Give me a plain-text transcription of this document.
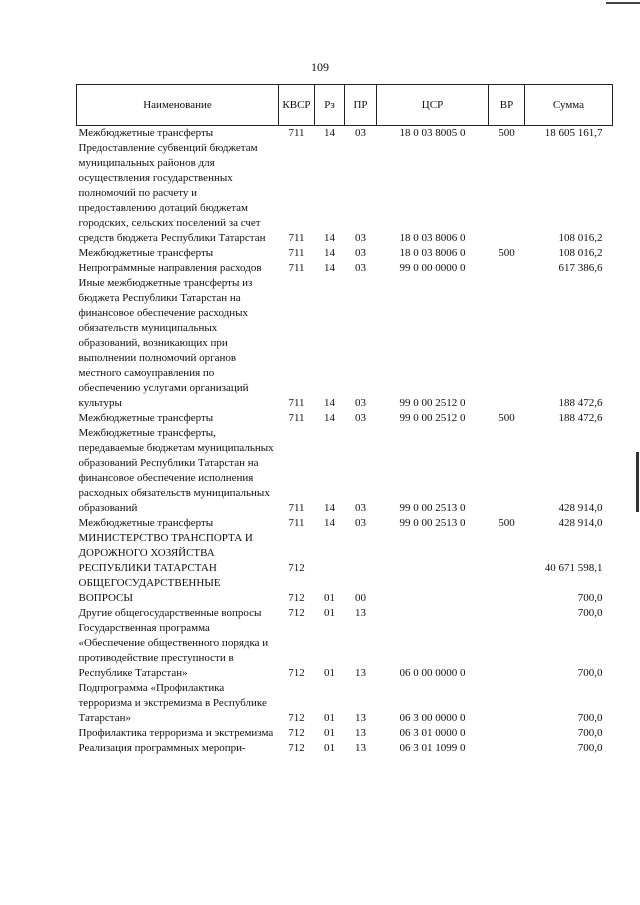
109
Наименование	КВСР	Рз	ПР	ЦСР	ВР	Сумма
Межбюджетные трансферты	711	14	03	18 0 03 8005 0	500	18 605 161,7
Предоставление субвенций бюджетам муниципальных районов для осуществления государственных полномочий по расчету и предоставлению дотаций бюджетам городских, сельских поселений за счет средств бюджета Республики Татарстан	711	14	03	18 0 03 8006 0		108 016,2
Межбюджетные трансферты	711	14	03	18 0 03 8006 0	500	108 016,2
Непрограммные направления расходов	711	14	03	99 0 00 0000 0		617 386,6
Иные межбюджетные трансферты из бюджета Республики Татарстан на финансовое обеспечение расходных обязательств муниципальных образований, возникающих при выполнении полномочий органов местного самоуправления по обеспечению услугами организаций культуры	711	14	03	99 0 00 2512 0		188 472,6
Межбюджетные трансферты	711	14	03	99 0 00 2512 0	500	188 472,6
Межбюджетные трансферты, передаваемые бюджетам муниципальных образований Республики Татарстан на финансовое обеспечение исполнения расходных обязательств муниципальных образований	711	14	03	99 0 00 2513 0		428 914,0
Межбюджетные трансферты	711	14	03	99 0 00 2513 0	500	428 914,0
МИНИСТЕРСТВО ТРАНСПОРТА И ДОРОЖНОГО ХОЗЯЙСТВА РЕСПУБЛИКИ ТАТАРСТАН	712					40 671 598,1
ОБЩЕГОСУДАРСТВЕННЫЕ ВОПРОСЫ	712	01	00			700,0
Другие общегосударственные вопросы	712	01	13			700,0
Государственная программа «Обеспечение общественного порядка и противодействие преступности в Республике Татарстан»	712	01	13	06 0 00 0000 0		700,0
Подпрограмма «Профилактика терроризма и экстремизма в Республике Татарстан»	712	01	13	06 3 00 0000 0		700,0
Профилактика терроризма и экстремизма	712	01	13	06 3 01 0000 0		700,0
Реализация программных меропри-	712	01	13	06 3 01 1099 0		700,0
